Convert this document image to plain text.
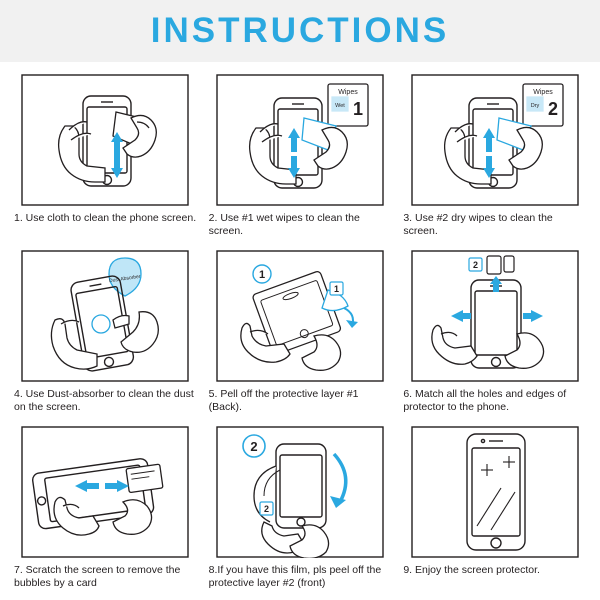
INSTRUCTIONS
1. Use cloth to clean the phone screen.
Wipes
Wet 1
2. Use #1 wet wipes to clean the screen.
Wipes
Dry 2
3. Use #2 dry wipes to clean the screen.
Dust Absorber
4. Use Dust-absorber to clean the dust on the screen.
1
1
5. Pell off the protective layer #1 (Back).
2
6. Match all the holes and edges of protector to the phone.
7. Scratch the screen to remove the bubbles by a card
2
2
8.If you have this film, pls peel off the protective layer #2 (front)
9. Enjoy the screen protector.
